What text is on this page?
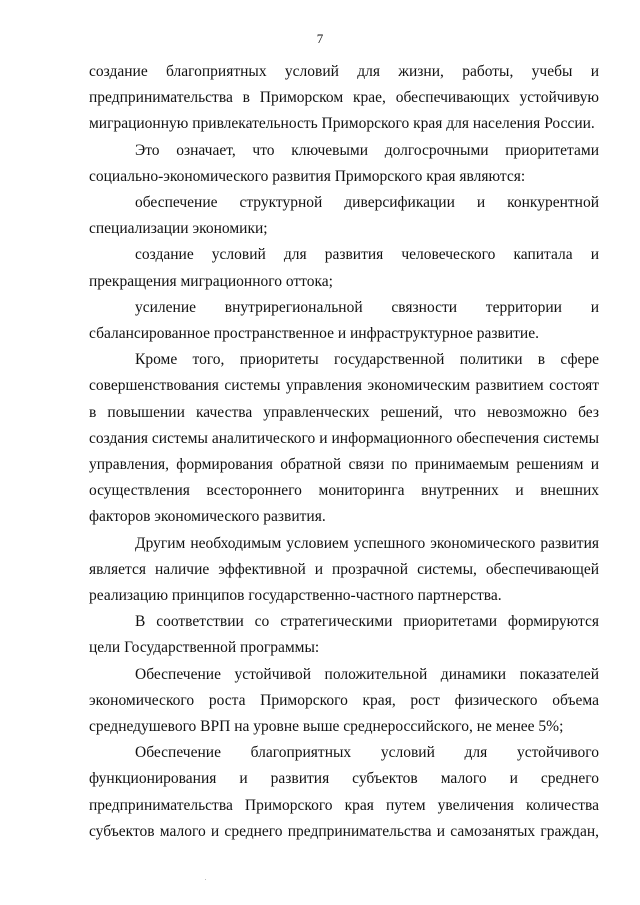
7

создание благоприятных условий для жизни, работы, учебы и предпринимательства в Приморском крае, обеспечивающих устойчивую миграционную привлекательность Приморского края для населения России.

Это означает, что ключевыми долгосрочными приоритетами социально-экономического развития Приморского края являются:

обеспечение структурной диверсификации и конкурентной специализации экономики;

создание условий для развития человеческого капитала и прекращения миграционного оттока;

усиление внутрирегиональной связности территории и сбалансированное пространственное и инфраструктурное развитие.

Кроме того, приоритеты государственной политики в сфере совершенствования системы управления экономическим развитием состоят в повышении качества управленческих решений, что невозможно без создания системы аналитического и информационного обеспечения системы управления, формирования обратной связи по принимаемым решениям и осуществления всестороннего мониторинга внутренних и внешних факторов экономического развития.

Другим необходимым условием успешного экономического развития является наличие эффективной и прозрачной системы, обеспечивающей реализацию принципов государственно-частного партнерства.

В соответствии со стратегическими приоритетами формируются цели Государственной программы:

Обеспечение устойчивой положительной динамики показателей экономического роста Приморского края, рост физического объема среднедушевого ВРП на уровне выше среднероссийского, не менее 5%;

Обеспечение благоприятных условий для устойчивого функционирования и развития субъектов малого и среднего предпринимательства Приморского края путем увеличения количества субъектов малого и среднего предпринимательства и самозанятых граждан,
